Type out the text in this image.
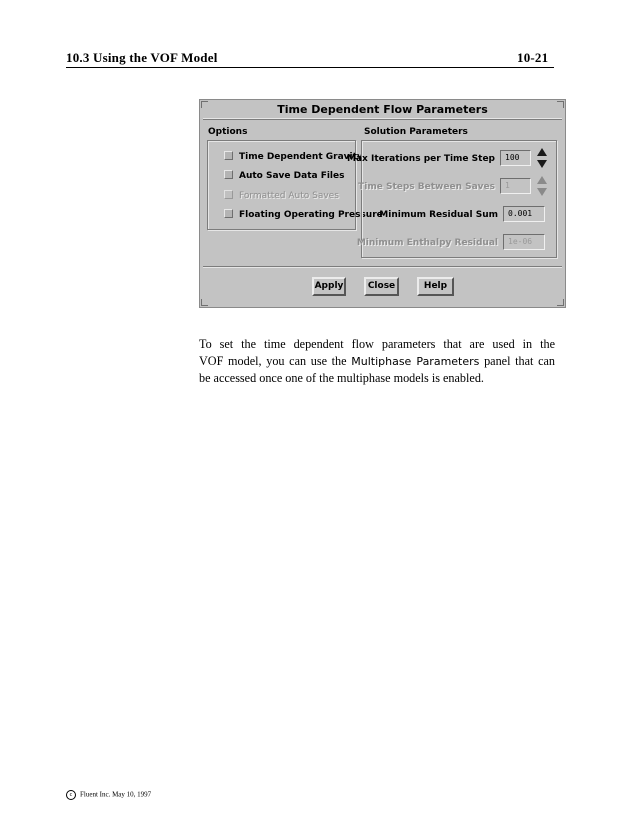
10.3 Using the VOF Model	10-21
Time Dependent Flow Parameters
Options
Time Dependent Gravity
Auto Save Data Files
Formatted Auto Saves
Floating Operating Pressure
Solution Parameters
Max Iterations per Time Step	100
Time Steps Between Saves	1
Minimum Residual Sum	0.001
Minimum Enthalpy Residual	1e-06
Apply	Close	Help
To set the time dependent flow parameters that are used in the
VOF model, you can use the Multiphase Parameters panel that can
be accessed once one of the multiphase models is enabled.
c Fluent Inc. May 10, 1997
